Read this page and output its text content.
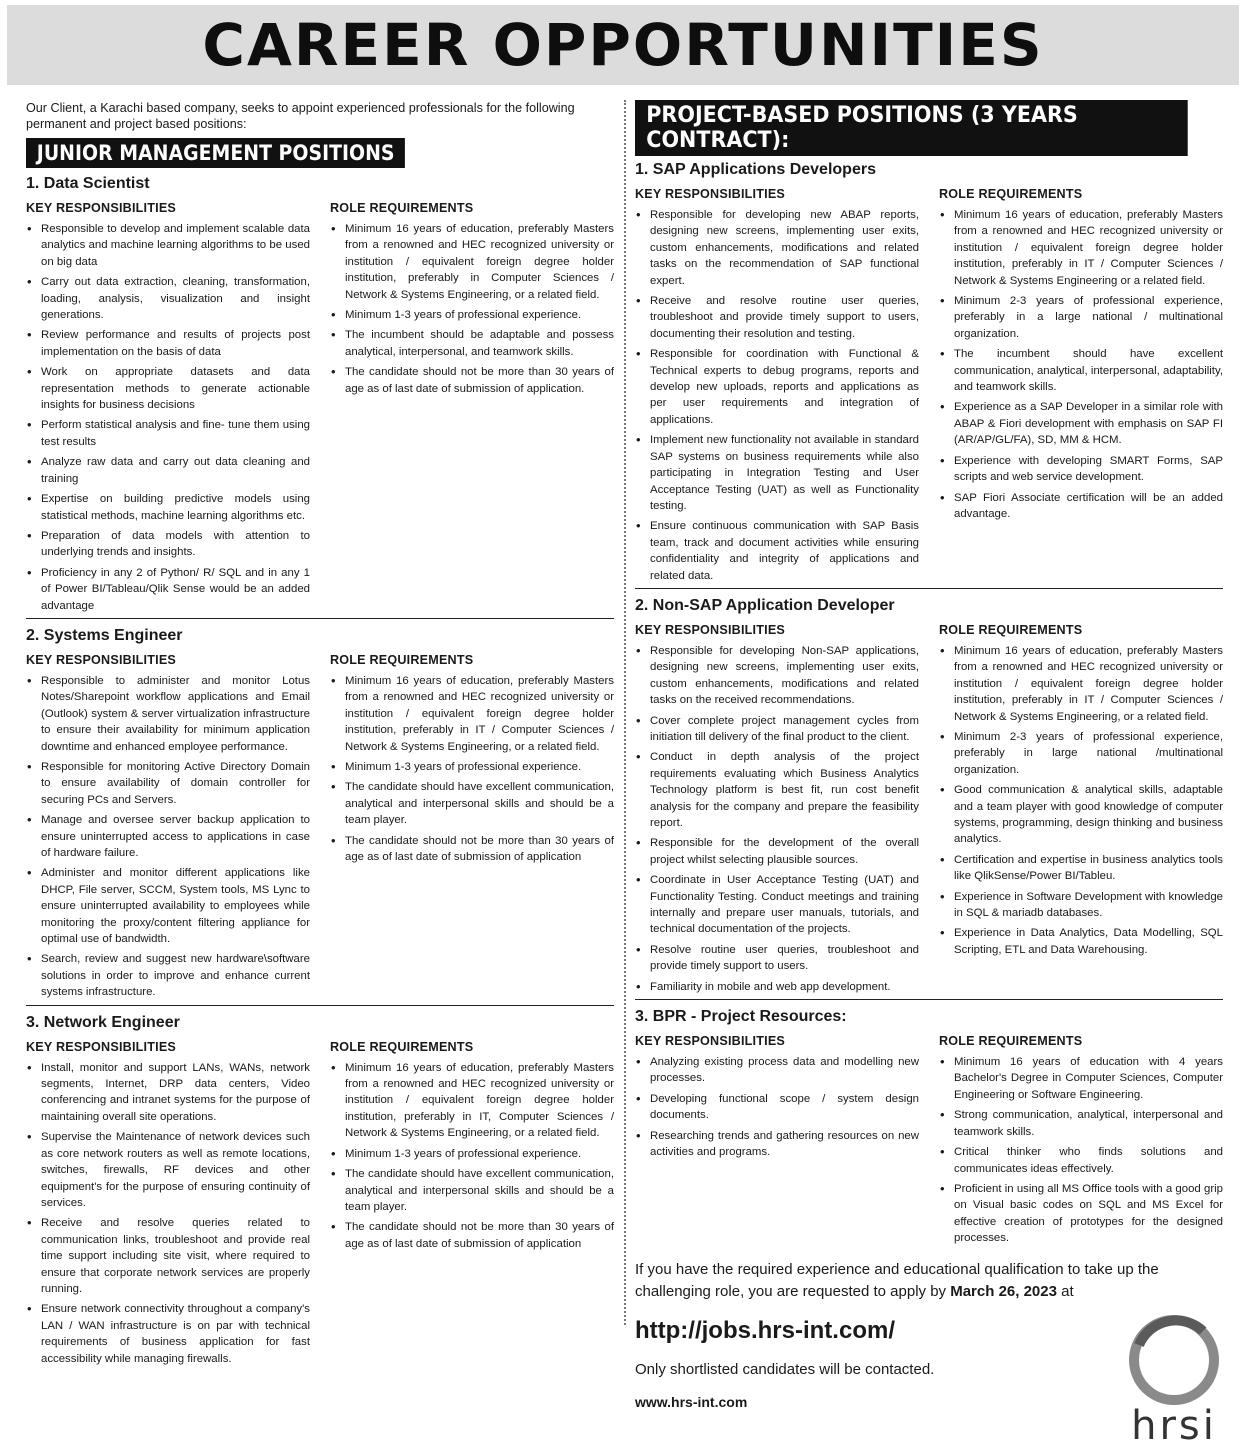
CAREER OPPORTUNITIES

Our Client, a Karachi based company, seeks to appoint experienced professionals for the following permanent and project based positions:

JUNIOR MANAGEMENT POSITIONS
1. Data Scientist
KEY RESPONSIBILITIES
• Responsible to develop and implement scalable data analytics and machine learning algorithms to be used on big data
• Carry out data extraction, cleaning, transformation, loading, analysis, visualization and insight generations.
• Review performance and results of projects post implementation on the basis of data
• Work on appropriate datasets and data representation methods to generate actionable insights for business decisions
• Perform statistical analysis and fine- tune them using test results
• Analyze raw data and carry out data cleaning and training
• Expertise on building predictive models using statistical methods, machine learning algorithms etc.
• Preparation of data models with attention to underlying trends and insights.
• Proficiency in any 2 of Python/ R/ SQL and in any 1 of Power BI/Tableau/Qlik Sense would be an added advantage
ROLE REQUIREMENTS
• Minimum 16 years of education, preferably Masters from a renowned and HEC recognized university or institution / equivalent foreign degree holder institution, preferably in Computer Sciences / Network & Systems Engineering, or a related field.
• Minimum 1-3 years of professional experience.
• The incumbent should be adaptable and possess analytical, interpersonal, and teamwork skills.
• The candidate should not be more than 30 years of age as of last date of submission of application.
2. Systems Engineer
KEY RESPONSIBILITIES
• Responsible to administer and monitor Lotus Notes/Sharepoint workflow applications and Email (Outlook) system & server virtualization infrastructure to ensure their availability for minimum application downtime and enhanced employee performance.
• Responsible for monitoring Active Directory Domain to ensure availability of domain controller for securing PCs and Servers.
• Manage and oversee server backup application to ensure uninterrupted access to applications in case of hardware failure.
• Administer and monitor different applications like DHCP, File server, SCCM, System tools, MS Lync to ensure uninterrupted availability to employees while monitoring the proxy/content filtering appliance for optimal use of bandwidth.
• Search, review and suggest new hardware\software solutions in order to improve and enhance current systems infrastructure.
ROLE REQUIREMENTS
• Minimum 16 years of education, preferably Masters from a renowned and HEC recognized university or institution / equivalent foreign degree holder institution, preferably in IT / Computer Sciences / Network & Systems Engineering, or a related field.
• Minimum 1-3 years of professional experience.
• The candidate should have excellent communication, analytical and interpersonal skills and should be a team player.
• The candidate should not be more than 30 years of age as of last date of submission of application
3. Network Engineer
KEY RESPONSIBILITIES
• Install, monitor and support LANs, WANs, network segments, Internet, DRP data centers, Video conferencing and intranet systems for the purpose of maintaining overall site operations.
• Supervise the Maintenance of network devices such as core network routers as well as remote locations, switches, firewalls, RF devices and other equipment's for the purpose of ensuring continuity of services.
• Receive and resolve queries related to communication links, troubleshoot and provide real time support including site visit, where required to ensure that corporate network services are properly running.
• Ensure network connectivity throughout a company's LAN / WAN infrastructure is on par with technical requirements of business application for fast accessibility while managing firewalls.
ROLE REQUIREMENTS
• Minimum 16 years of education, preferably Masters from a renowned and HEC recognized university or institution / equivalent foreign degree holder institution, preferably in IT, Computer Sciences / Network & Systems Engineering, or a related field.
• Minimum 1-3 years of professional experience.
• The candidate should have excellent communication, analytical and interpersonal skills and should be a team player.
• The candidate should not be more than 30 years of age as of last date of submission of application
PROJECT-BASED POSITIONS (3 YEARS CONTRACT):
1. SAP Applications Developers
KEY RESPONSIBILITIES
• Responsible for developing new ABAP reports, designing new screens, implementing user exits, custom enhancements, modifications and related tasks on the recommendation of SAP functional expert.
• Receive and resolve routine user queries, troubleshoot and provide timely support to users, documenting their resolution and testing.
• Responsible for coordination with Functional & Technical experts to debug programs, reports and develop new uploads, reports and applications as per user requirements and integration of applications.
• Implement new functionality not available in standard SAP systems on business requirements while also participating in Integration Testing and User Acceptance Testing (UAT) as well as Functionality testing.
• Ensure continuous communication with SAP Basis team, track and document activities while ensuring confidentiality and integrity of applications and related data.
ROLE REQUIREMENTS
• Minimum 16 years of education, preferably Masters from a renowned and HEC recognized university or institution / equivalent foreign degree holder institution, preferably in IT / Computer Sciences / Network & Systems Engineering or a related field.
• Minimum 2-3 years of professional experience, preferably in a large national / multinational organization.
• The incumbent should have excellent communication, analytical, interpersonal, adaptability, and teamwork skills.
• Experience as a SAP Developer in a similar role with ABAP & Fiori development with emphasis on SAP FI (AR/AP/GL/FA), SD, MM & HCM.
• Experience with developing SMART Forms, SAP scripts and web service development.
• SAP Fiori Associate certification will be an added advantage.
2. Non-SAP Application Developer
KEY RESPONSIBILITIES
• Responsible for developing Non-SAP applications, designing new screens, implementing user exits, custom enhancements, modifications and related tasks on the received recommendations.
• Cover complete project management cycles from initiation till delivery of the final product to the client.
• Conduct in depth analysis of the project requirements evaluating which Business Analytics Technology platform is best fit, run cost benefit analysis for the company and prepare the feasibility report.
• Responsible for the development of the overall project whilst selecting plausible sources.
• Coordinate in User Acceptance Testing (UAT) and Functionality Testing. Conduct meetings and training internally and prepare user manuals, tutorials, and technical documentation of the projects.
• Resolve routine user queries, troubleshoot and provide timely support to users.
• Familiarity in mobile and web app development.
ROLE REQUIREMENTS
• Minimum 16 years of education, preferably Masters from a renowned and HEC recognized university or institution / equivalent foreign degree holder institution, preferably in IT / Computer Sciences / Network & Systems Engineering, or a related field.
• Minimum 2-3 years of professional experience, preferably in large national /multinational organization.
• Good communication & analytical skills, adaptable and a team player with good knowledge of computer systems, programming, design thinking and business analytics.
• Certification and expertise in business analytics tools like QlikSense/Power BI/Tableu.
• Experience in Software Development with knowledge in SQL & mariadb databases.
• Experience in Data Analytics, Data Modelling, SQL Scripting, ETL and Data Warehousing.
3. BPR - Project Resources:
KEY RESPONSIBILITIES
• Analyzing existing process data and modelling new processes.
• Developing functional scope / system design documents.
• Researching trends and gathering resources on new activities and programs.
ROLE REQUIREMENTS
• Minimum 16 years of education with 4 years Bachelor's Degree in Computer Sciences, Computer Engineering or Software Engineering.
• Strong communication, analytical, interpersonal and teamwork skills.
• Critical thinker who finds solutions and communicates ideas effectively.
• Proficient in using all MS Office tools with a good grip on Visual basic codes on SQL and MS Excel for effective creation of prototypes for the designed processes.

If you have the required experience and educational qualification to take up the challenging role, you are requested to apply by March 26, 2023 at

http://jobs.hrs-int.com/

Only shortlisted candidates will be contacted.

www.hrs-int.com

hrsi
